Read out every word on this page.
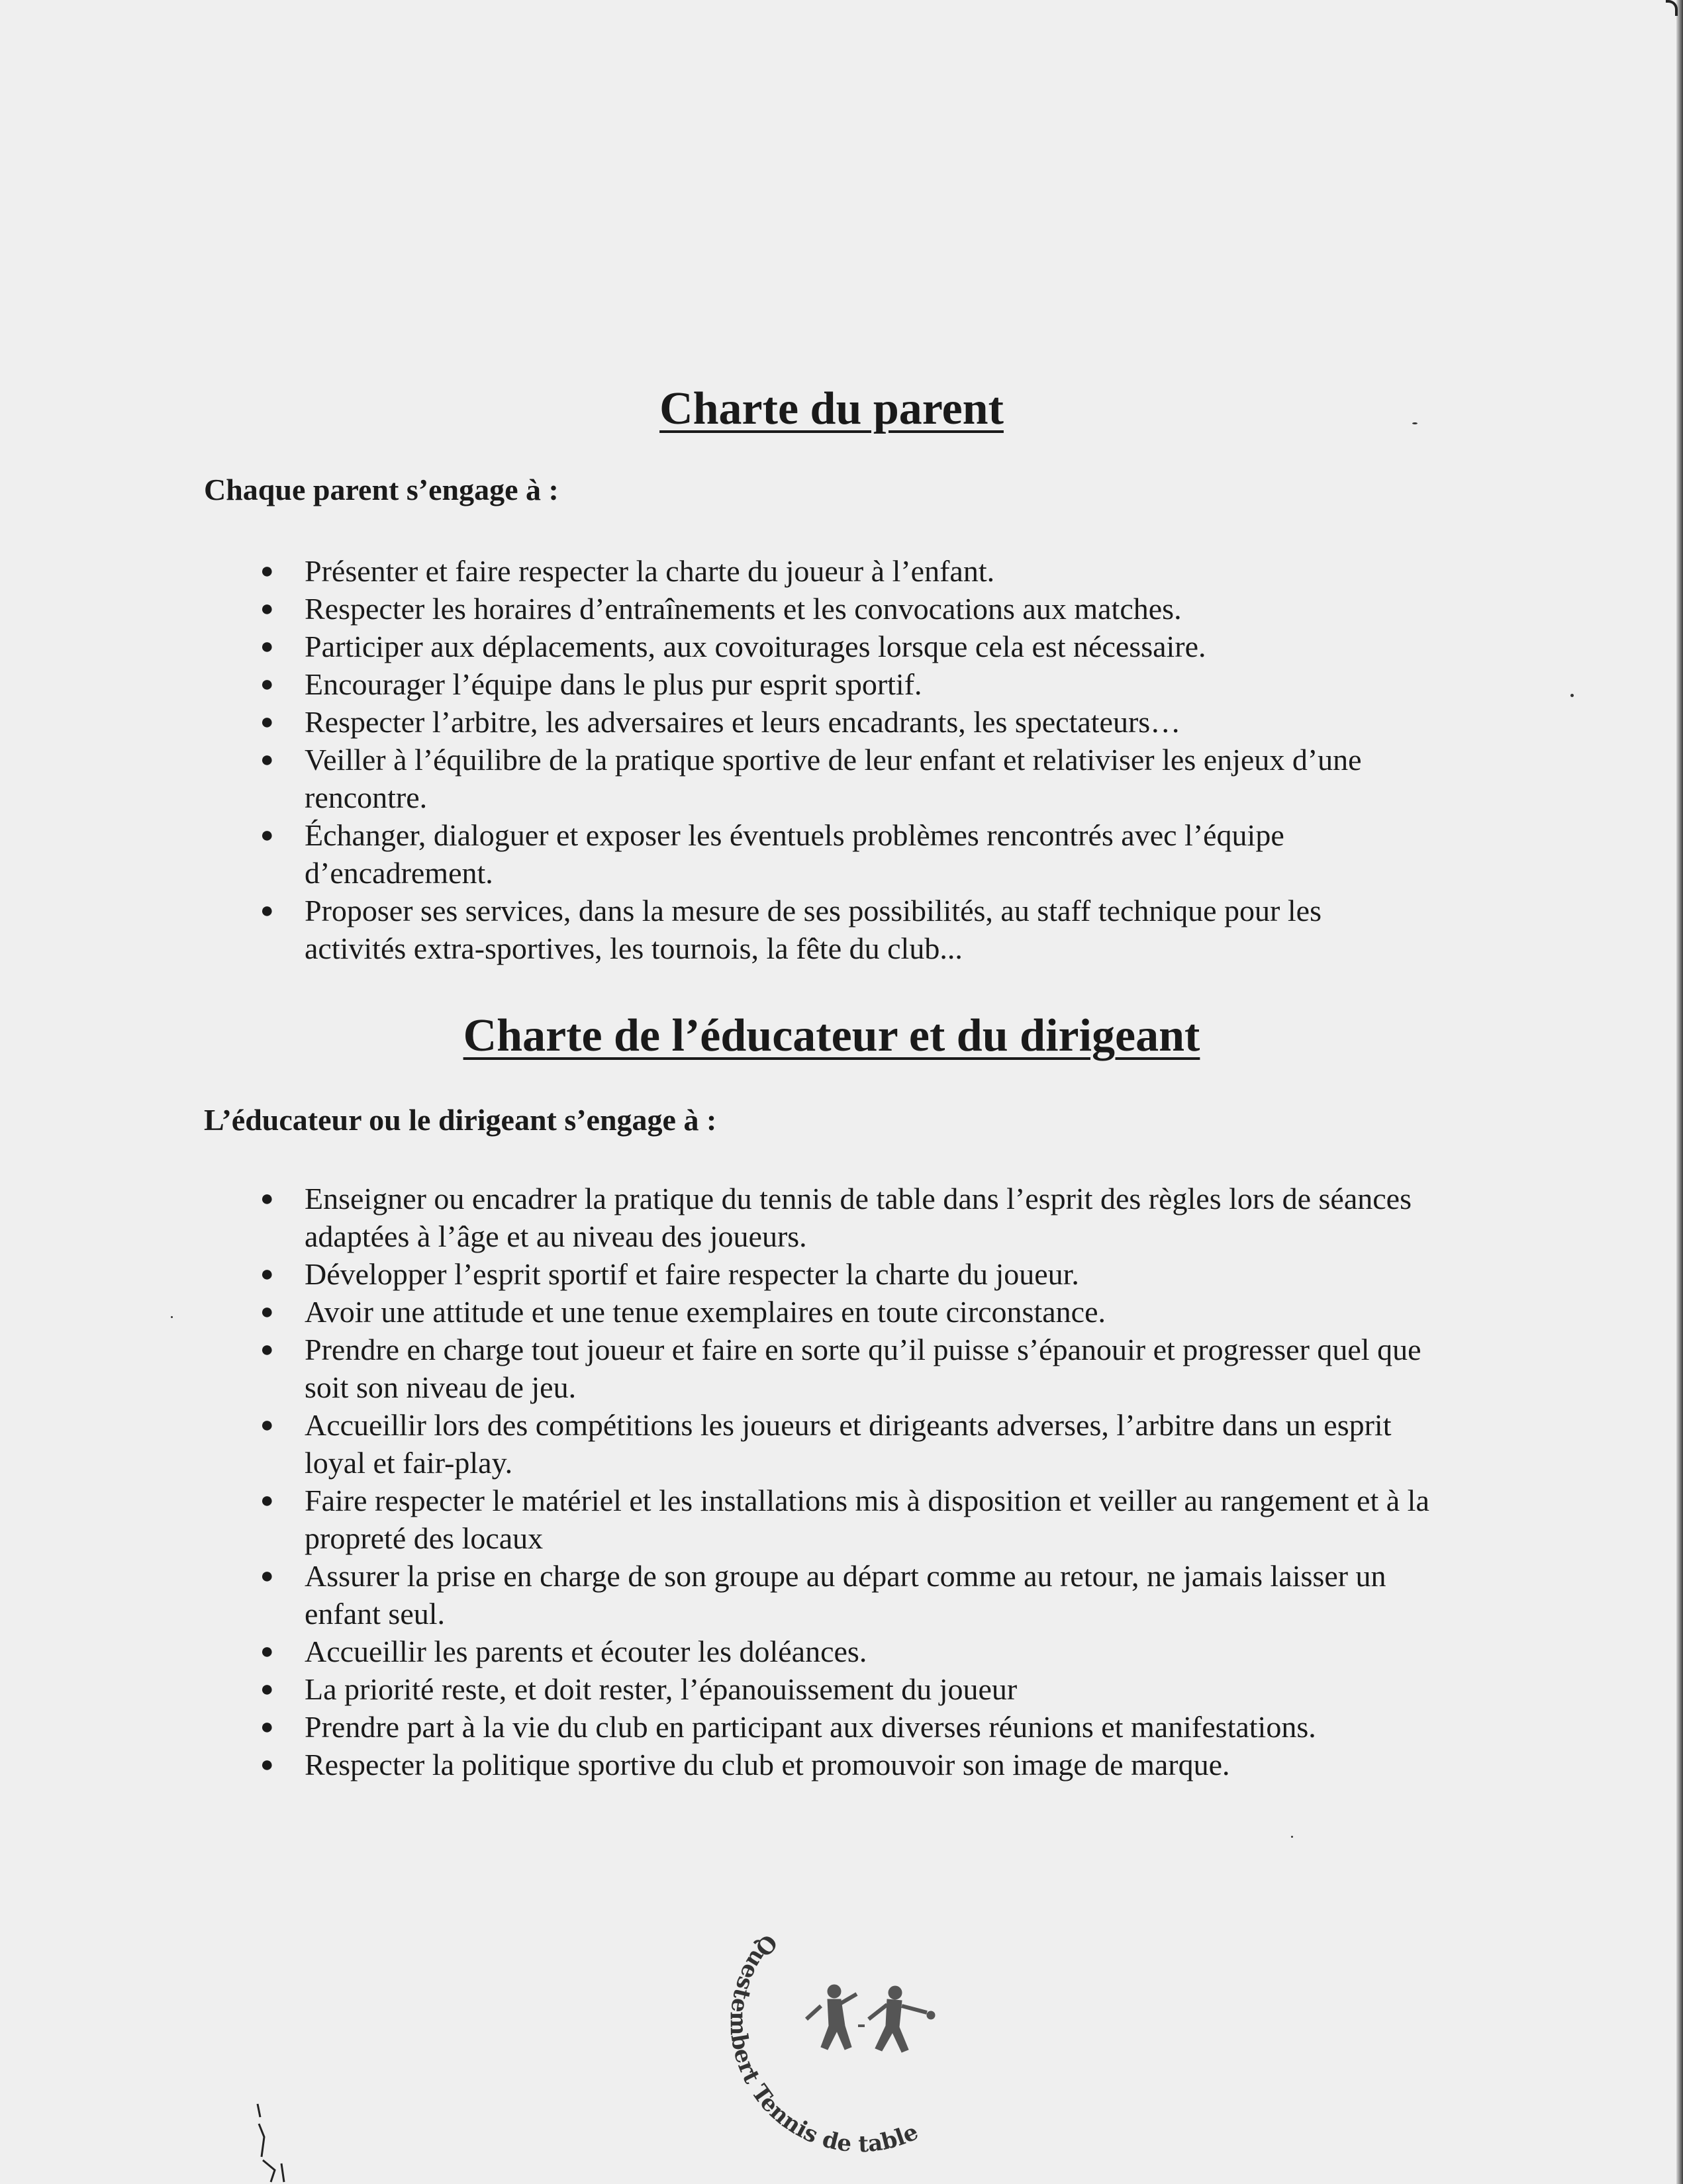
Charte du parent

Chaque parent s’engage à :

● Présenter et faire respecter la charte du joueur à l’enfant.
● Respecter les horaires d’entraînements et les convocations aux matches.
● Participer aux déplacements, aux covoiturages lorsque cela est nécessaire.
● Encourager l’équipe dans le plus pur esprit sportif.
● Respecter l’arbitre, les adversaires et leurs encadrants, les spectateurs…
● Veiller à l’équilibre de la pratique sportive de leur enfant et relativiser les enjeux d’une rencontre.
● Échanger, dialoguer et exposer les éventuels problèmes rencontrés avec l’équipe d’encadrement.
● Proposer ses services, dans la mesure de ses possibilités, au staff technique pour les activités extra-sportives, les tournois, la fête du club...
Charte de l’éducateur et du dirigeant

L’éducateur ou le dirigeant s’engage à :

● Enseigner ou encadrer la pratique du tennis de table dans l’esprit des règles lors de séances adaptées à l’âge et au niveau des joueurs.
● Développer l’esprit sportif et faire respecter la charte du joueur.
● Avoir une attitude et une tenue exemplaires en toute circonstance.
● Prendre en charge tout joueur et faire en sorte qu’il puisse s’épanouir et progresser quel que soit son niveau de jeu.
● Accueillir lors des compétitions les joueurs et dirigeants adverses, l’arbitre dans un esprit loyal et fair-play.
● Faire respecter le matériel et les installations mis à disposition et veiller au rangement et à la propreté des locaux
● Assurer la prise en charge de son groupe au départ comme au retour, ne jamais laisser un enfant seul.
● Accueillir les parents et écouter les doléances.
● La priorité reste, et doit rester, l’épanouissement du joueur
● Prendre part à la vie du club en participant aux diverses réunions et manifestations.
● Respecter la politique sportive du club et promouvoir son image de marque.
Quest ert Tennis de table
